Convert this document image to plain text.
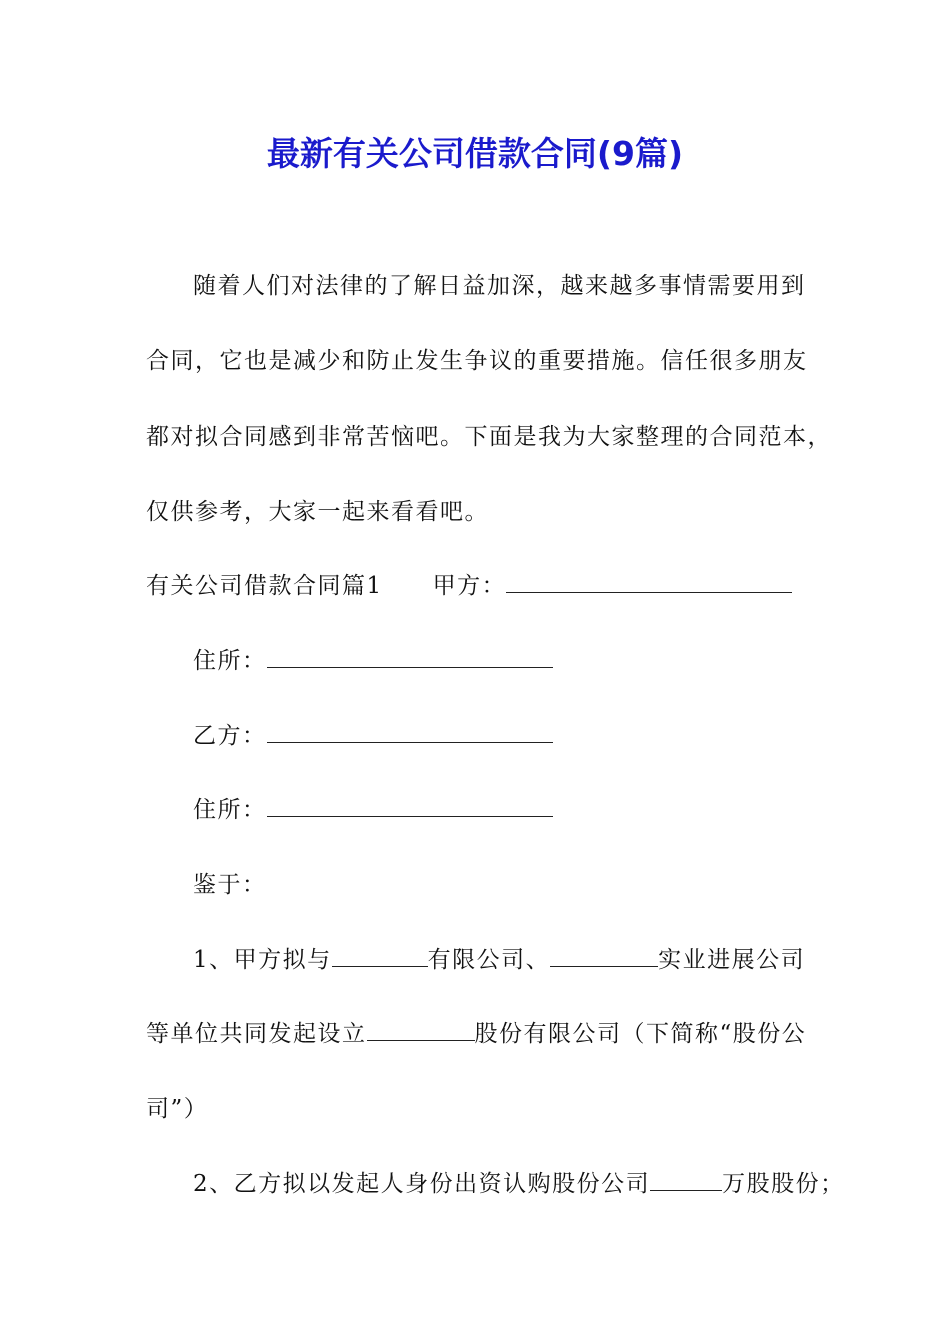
最新有关公司借款合同(9篇)
随着人们对法律的了解日益加深，越来越多事情需要用到
合同，它也是减少和防止发生争议的重要措施。信任很多朋友
都对拟合同感到非常苦恼吧。下面是我为大家整理的合同范本，
仅供参考，大家一起来看看吧。
有关公司借款合同篇1 甲方：
住所：
乙方：
住所：
鉴于：
1、甲方拟与	有限公司、	实业进展公司
等单位共同发起设立	股份有限公司（下简称“股份公
司”）
2、乙方拟以发起人身份出资认购股份公司	万股股份；
